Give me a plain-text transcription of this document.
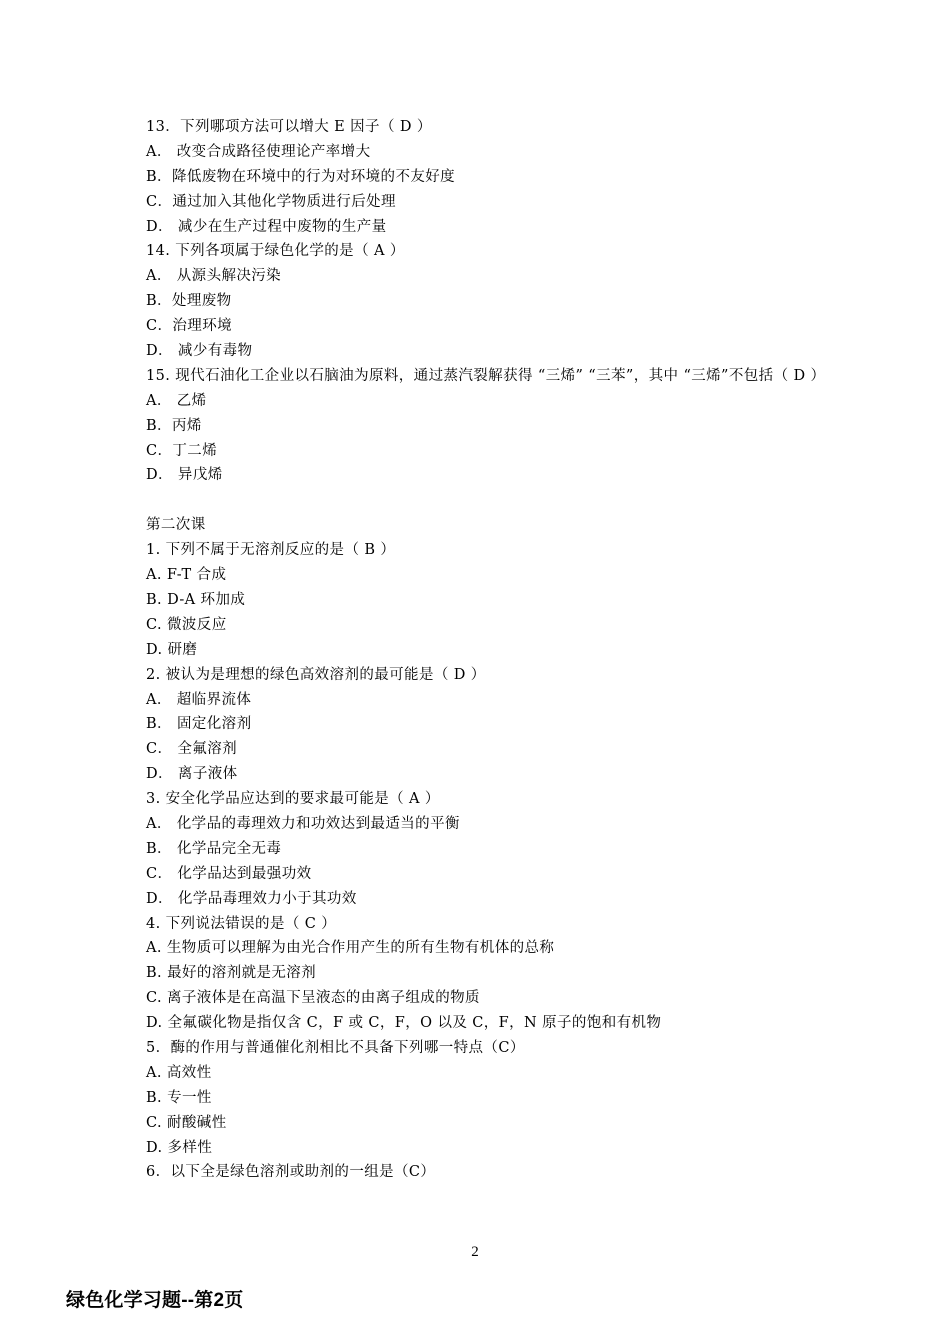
13．下列哪项方法可以增大 E 因子（ D ）
A． 改变合成路径使理论产率增大
B．降低废物在环境中的行为对环境的不友好度
C．通过加入其他化学物质进行后处理
D． 减少在生产过程中废物的生产量
14. 下列各项属于绿色化学的是（ A ）
A． 从源头解决污染
B．处理废物
C．治理环境
D． 减少有毒物
15. 现代石油化工企业以石脑油为原料，通过蒸汽裂解获得 “三烯” “三苯”，其中 “三烯”不包括（ D ）
A． 乙烯
B．丙烯
C．丁二烯
D． 异戊烯
第二次课
1. 下列不属于无溶剂反应的是（ B ）
A. F-T 合成
B. D-A 环加成
C. 微波反应
D. 研磨
2. 被认为是理想的绿色高效溶剂的最可能是（ D ）
A． 超临界流体
B． 固定化溶剂
C． 全氟溶剂
D． 离子液体
3. 安全化学品应达到的要求最可能是（ A ）
A． 化学品的毒理效力和功效达到最适当的平衡
B． 化学品完全无毒
C． 化学品达到最强功效
D． 化学品毒理效力小于其功效
4. 下列说法错误的是（ C ）
A. 生物质可以理解为由光合作用产生的所有生物有机体的总称
B. 最好的溶剂就是无溶剂
C. 离子液体是在高温下呈液态的由离子组成的物质
D. 全氟碳化物是指仅含 C，F 或 C，F，O 以及 C，F，N 原子的饱和有机物
5．酶的作用与普通催化剂相比不具备下列哪一特点（C）
A. 高效性
B. 专一性
C. 耐酸碱性
D. 多样性
6．以下全是绿色溶剂或助剂的一组是（C）
2
绿色化学习题--第2页
